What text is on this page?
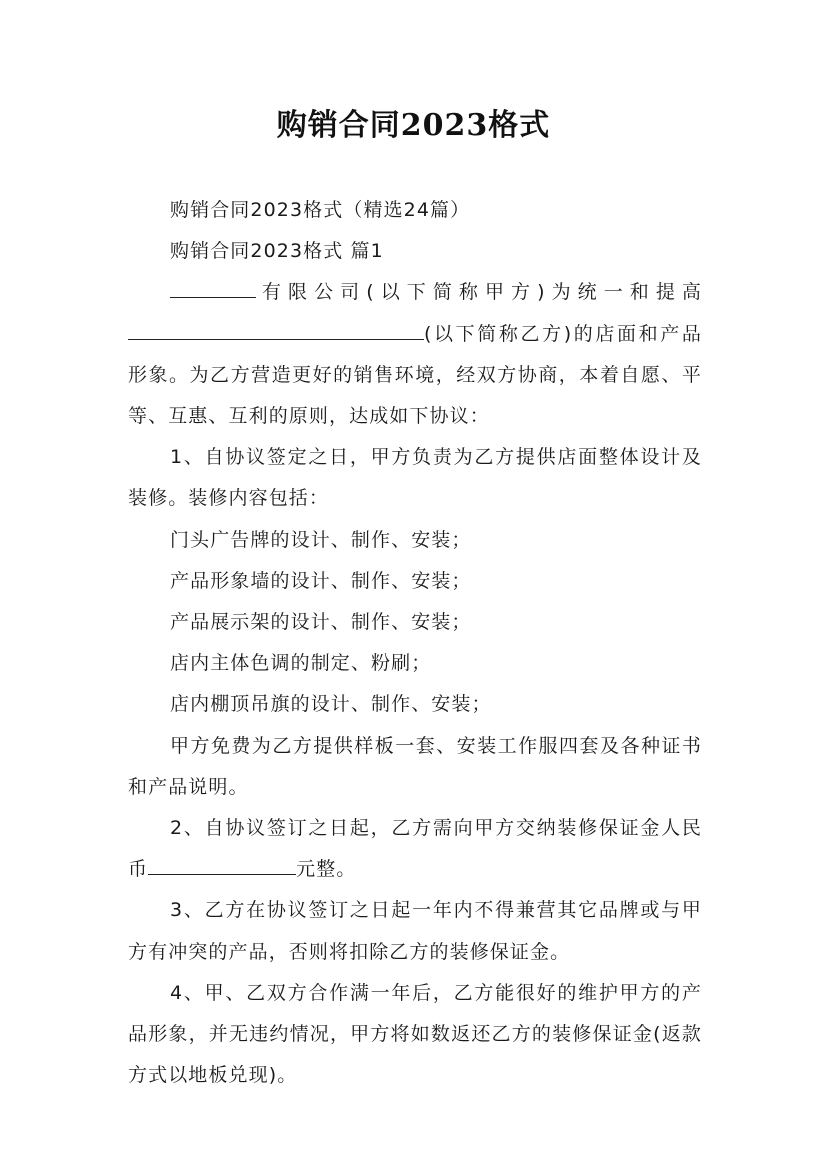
购销合同2023格式

购销合同2023格式（精选24篇）

购销合同2023格式 篇1

有限公司(以下简称甲方)为统一和提高(以下简称乙方)的店面和产品形象。为乙方营造更好的销售环境，经双方协商，本着自愿、平等、互惠、互利的原则，达成如下协议：

1、自协议签定之日，甲方负责为乙方提供店面整体设计及装修。装修内容包括：

门头广告牌的设计、制作、安装；

产品形象墙的设计、制作、安装；

产品展示架的设计、制作、安装；

店内主体色调的制定、粉刷；

店内棚顶吊旗的设计、制作、安装；

甲方免费为乙方提供样板一套、安装工作服四套及各种证书和产品说明。

2、自协议签订之日起，乙方需向甲方交纳装修保证金人民币	元整。

3、乙方在协议签订之日起一年内不得兼营其它品牌或与甲方有冲突的产品，否则将扣除乙方的装修保证金。

4、甲、乙双方合作满一年后，乙方能很好的维护甲方的产品形象，并无违约情况，甲方将如数返还乙方的装修保证金(返款方式以地板兑现)。
